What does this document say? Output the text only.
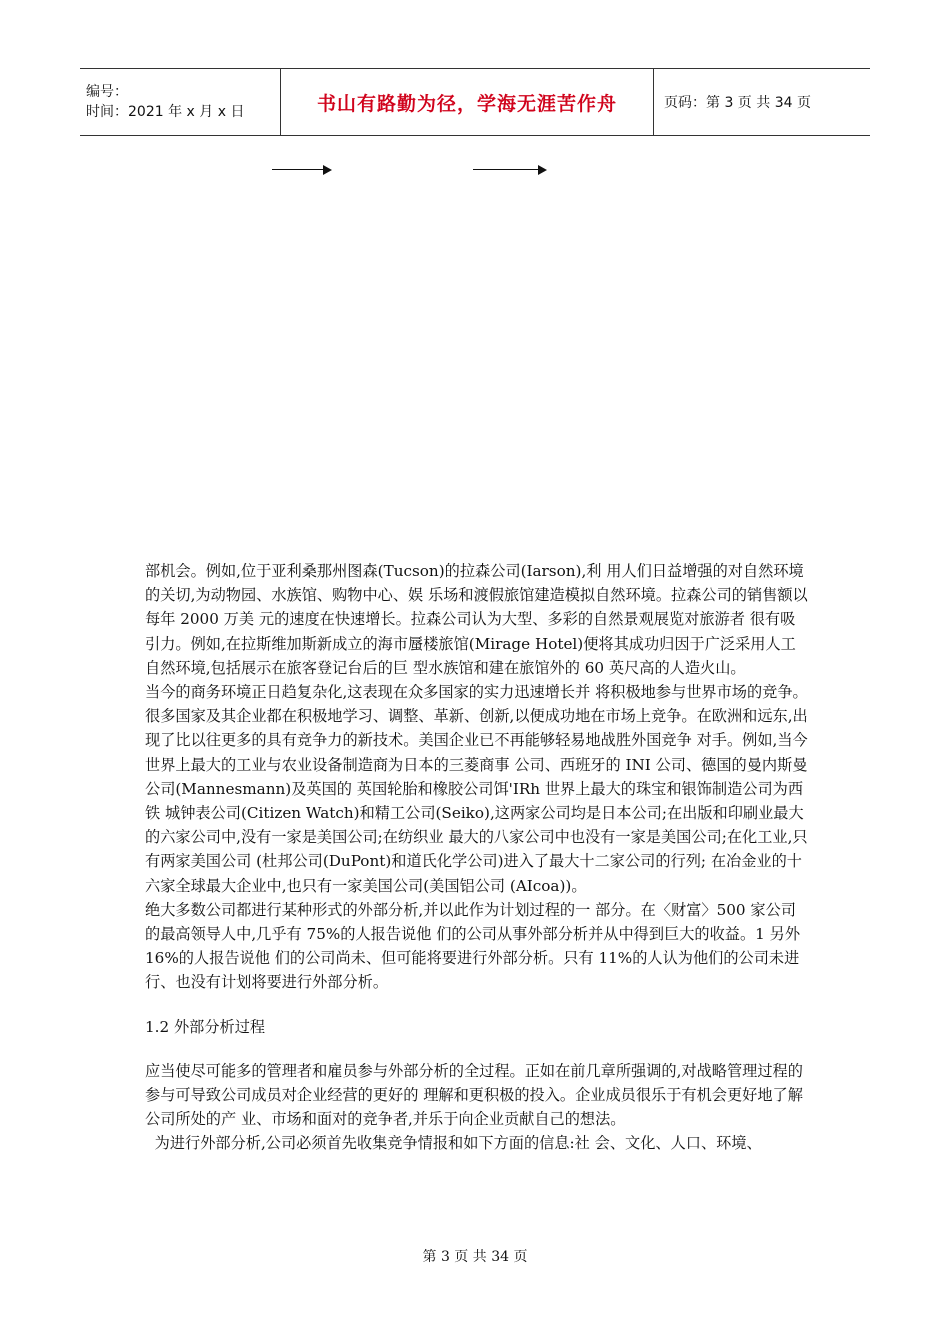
编号：
时间：2021 年 x 月 x 日	书山有路勤为径，学海无涯苦作舟	页码：第 3 页 共 34 页

部机会。例如,位于亚利桑那州图森(Tucson)的拉森公司(Iarson),利 用人们日益增强的对自然环境的关切,为动物园、水族馆、购物中心、娱 乐场和渡假旅馆建造模拟自然环境。拉森公司的销售额以每年 2000 万美 元的速度在快速增长。拉森公司认为大型、多彩的自然景观展览对旅游者 很有吸引力。例如,在拉斯维加斯新成立的海市蜃楼旅馆(Mirage Hotel)便将其成功归因于广泛采用人工自然环境,包括展示在旅客登记台后的巨 型水族馆和建在旅馆外的 60 英尺高的人造火山。

当今的商务环境正日趋复杂化,这表现在众多国家的实力迅速增长并 将积极地参与世界市场的竞争。很多国家及其企业都在积极地学习、调整、革新、创新,以便成功地在市场上竞争。在欧洲和远东,出现了比以往更多的具有竞争力的新技术。美国企业已不再能够轻易地战胜外国竞争 对手。例如,当今世界上最大的工业与农业设备制造商为日本的三菱商事 公司、西班牙的 INI 公司、德国的曼内斯曼公司(Mannesmann)及英国的 英国轮胎和橡胶公司饵'IRh 世界上最大的珠宝和银饰制造公司为西铁 城钟表公司(Citizen Watch)和精工公司(Seiko),这两家公司均是日本公司;在出版和印刷业最大的六家公司中,没有一家是美国公司;在纺织业 最大的八家公司中也没有一家是美国公司;在化工业,只有两家美国公司 (杜邦公司(DuPont)和道氏化学公司)进入了最大十二家公司的行列; 在冶金业的十六家全球最大企业中,也只有一家美国公司(美国铝公司 (AIcoa))。

绝大多数公司都进行某种形式的外部分析,并以此作为计划过程的一 部分。在〈财富〉500 家公司的最高领导人中,几乎有 75%的人报告说他 们的公司从事外部分析并从中得到巨大的收益。1 另外 16%的人报告说他 们的公司尚未、但可能将要进行外部分析。只有 11%的人认为他们的公司未进行、也没有计划将要进行外部分析。

1.2 外部分析过程

应当使尽可能多的管理者和雇员参与外部分析的全过程。正如在前几章所强调的,对战略管理过程的参与可导致公司成员对企业经营的更好的 理解和更积极的投入。企业成员很乐于有机会更好地了解公司所处的产 业、市场和面对的竞争者,并乐于向企业贡献自己的想法。

为进行外部分析,公司必须首先收集竞争情报和如下方面的信息:社 会、文化、人口、环境、

第 3 页 共 34 页
